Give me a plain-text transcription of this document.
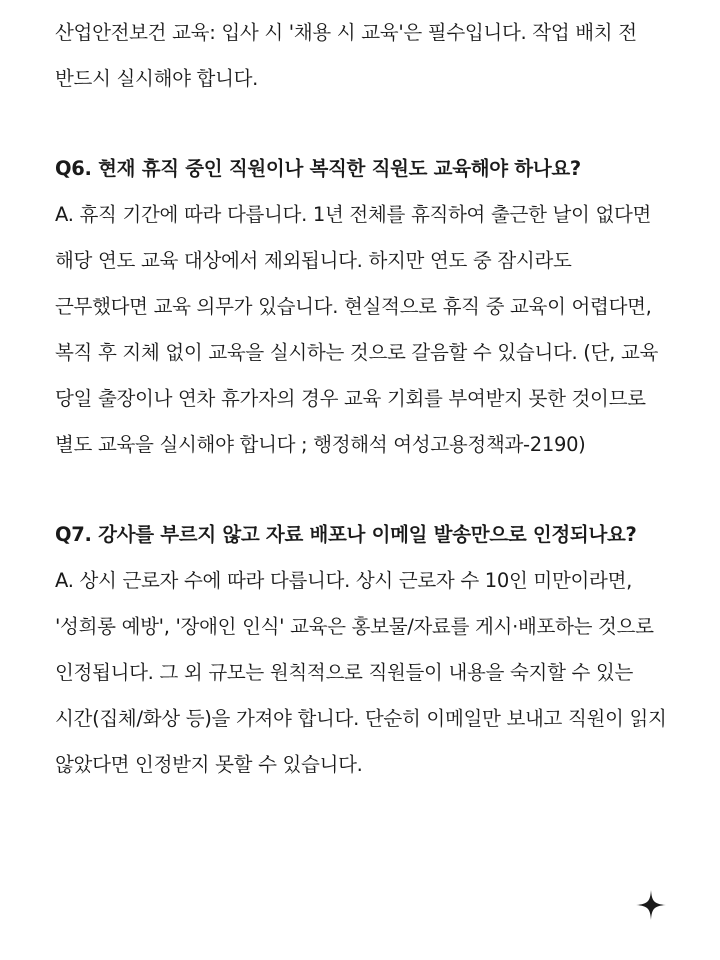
산업안전보건 교육: 입사 시 '채용 시 교육'은 필수입니다. 작업 배치 전 반드시 실시해야 합니다.

Q6. 현재 휴직 중인 직원이나 복직한 직원도 교육해야 하나요?

A. 휴직 기간에 따라 다릅니다. 1년 전체를 휴직하여 출근한 날이 없다면 해당 연도 교육 대상에서 제외됩니다. 하지만 연도 중 잠시라도 근무했다면 교육 의무가 있습니다. 현실적으로 휴직 중 교육이 어렵다면, 복직 후 지체 없이 교육을 실시하는 것으로 갈음할 수 있습니다. (단, 교육 당일 출장이나 연차 휴가자의 경우 교육 기회를 부여받지 못한 것이므로 별도 교육을 실시해야 합니다 ; 행정해석 여성고용정책과-2190)

Q7. 강사를 부르지 않고 자료 배포나 이메일 발송만으로 인정되나요?

A. 상시 근로자 수에 따라 다릅니다. 상시 근로자 수 10인 미만이라면, '성희롱 예방', '장애인 인식' 교육은 홍보물/자료를 게시·배포하는 것으로 인정됩니다. 그 외 규모는 원칙적으로 직원들이 내용을 숙지할 수 있는 시간(집체/화상 등)을 가져야 합니다. 단순히 이메일만 보내고 직원이 읽지 않았다면 인정받지 못할 수 있습니다.
